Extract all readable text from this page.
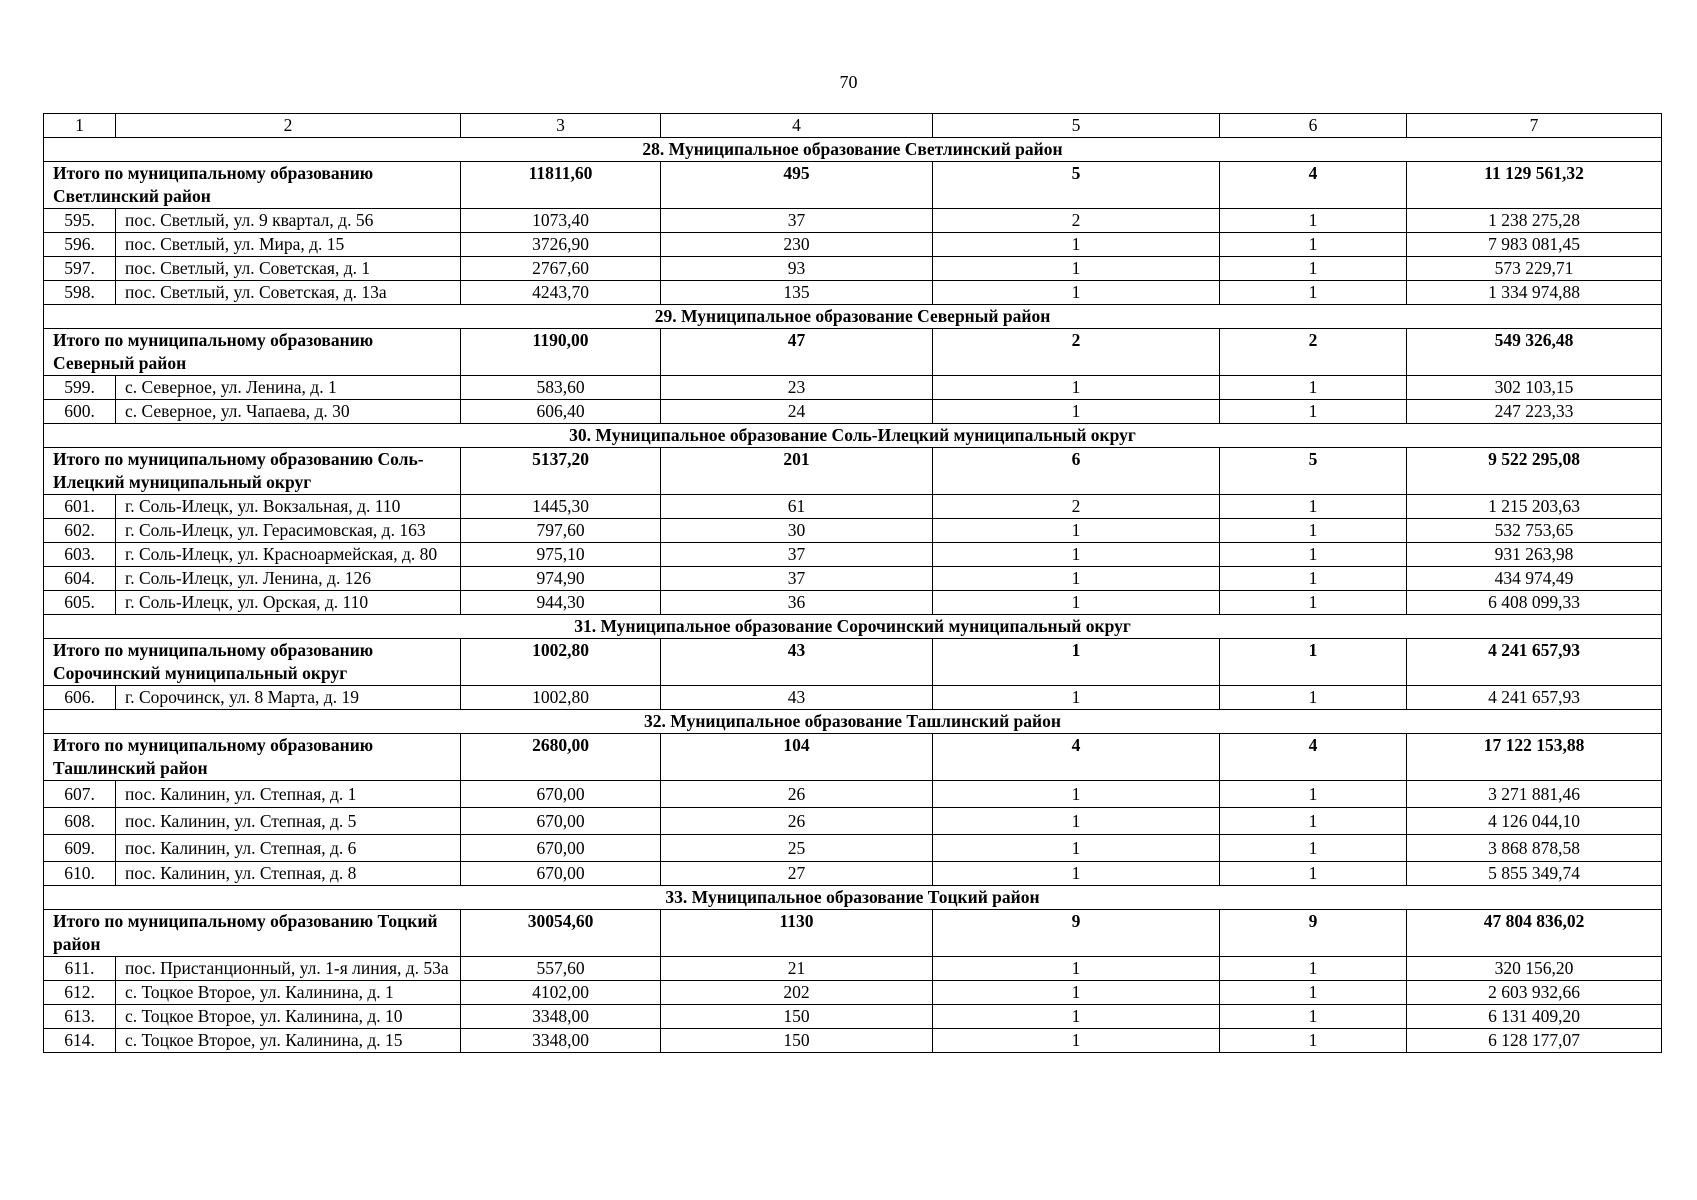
70
1	2	3	4	5	6	7
28. Муниципальное образование Светлинский район						
Итого по муниципальному образованию Светлинский район		11811,60	495	5	4	11 129 561,32
595.	пос. Светлый, ул. 9 квартал, д. 56	1073,40	37	2	1	1 238 275,28
596.	пос. Светлый, ул. Мира, д. 15	3726,90	230	1	1	7 983 081,45
597.	пос. Светлый, ул. Советская, д. 1	2767,60	93	1	1	573 229,71
598.	пос. Светлый, ул. Советская, д. 13а	4243,70	135	1	1	1 334 974,88
29. Муниципальное образование Северный район						
Итого по муниципальному образованию Северный район		1190,00	47	2	2	549 326,48
599.	с. Северное, ул. Ленина, д. 1	583,60	23	1	1	302 103,15
600.	с. Северное, ул. Чапаева, д. 30	606,40	24	1	1	247 223,33
30. Муниципальное образование Соль-Илецкий муниципальный округ						
Итого по муниципальному образованию Соль-Илецкий муниципальный округ		5137,20	201	6	5	9 522 295,08
601.	г. Соль-Илецк, ул. Вокзальная, д. 110	1445,30	61	2	1	1 215 203,63
602.	г. Соль-Илецк, ул. Герасимовская, д. 163	797,60	30	1	1	532 753,65
603.	г. Соль-Илецк, ул. Красноармейская, д. 80	975,10	37	1	1	931 263,98
604.	г. Соль-Илецк, ул. Ленина, д. 126	974,90	37	1	1	434 974,49
605.	г. Соль-Илецк, ул. Орская, д. 110	944,30	36	1	1	6 408 099,33
31. Муниципальное образование Сорочинский муниципальный округ						
Итого по муниципальному образованию Сорочинский муниципальный округ		1002,80	43	1	1	4 241 657,93
606.	г. Сорочинск, ул. 8 Марта, д. 19	1002,80	43	1	1	4 241 657,93
32. Муниципальное образование Ташлинский район						
Итого по муниципальному образованию Ташлинский район		2680,00	104	4	4	17 122 153,88
607.	пос. Калинин, ул. Степная, д. 1	670,00	26	1	1	3 271 881,46
608.	пос. Калинин, ул. Степная, д. 5	670,00	26	1	1	4 126 044,10
609.	пос. Калинин, ул. Степная, д. 6	670,00	25	1	1	3 868 878,58
610.	пос. Калинин, ул. Степная, д. 8	670,00	27	1	1	5 855 349,74
33. Муниципальное образование Тоцкий район						
Итого по муниципальному образованию Тоцкий район		30054,60	1130	9	9	47 804 836,02
611.	пос. Пристанционный, ул. 1-я линия, д. 53а	557,60	21	1	1	320 156,20
612.	с. Тоцкое Второе, ул. Калинина, д. 1	4102,00	202	1	1	2 603 932,66
613.	с. Тоцкое Второе, ул. Калинина, д. 10	3348,00	150	1	1	6 131 409,20
614.	с. Тоцкое Второе, ул. Калинина, д. 15	3348,00	150	1	1	6 128 177,07
